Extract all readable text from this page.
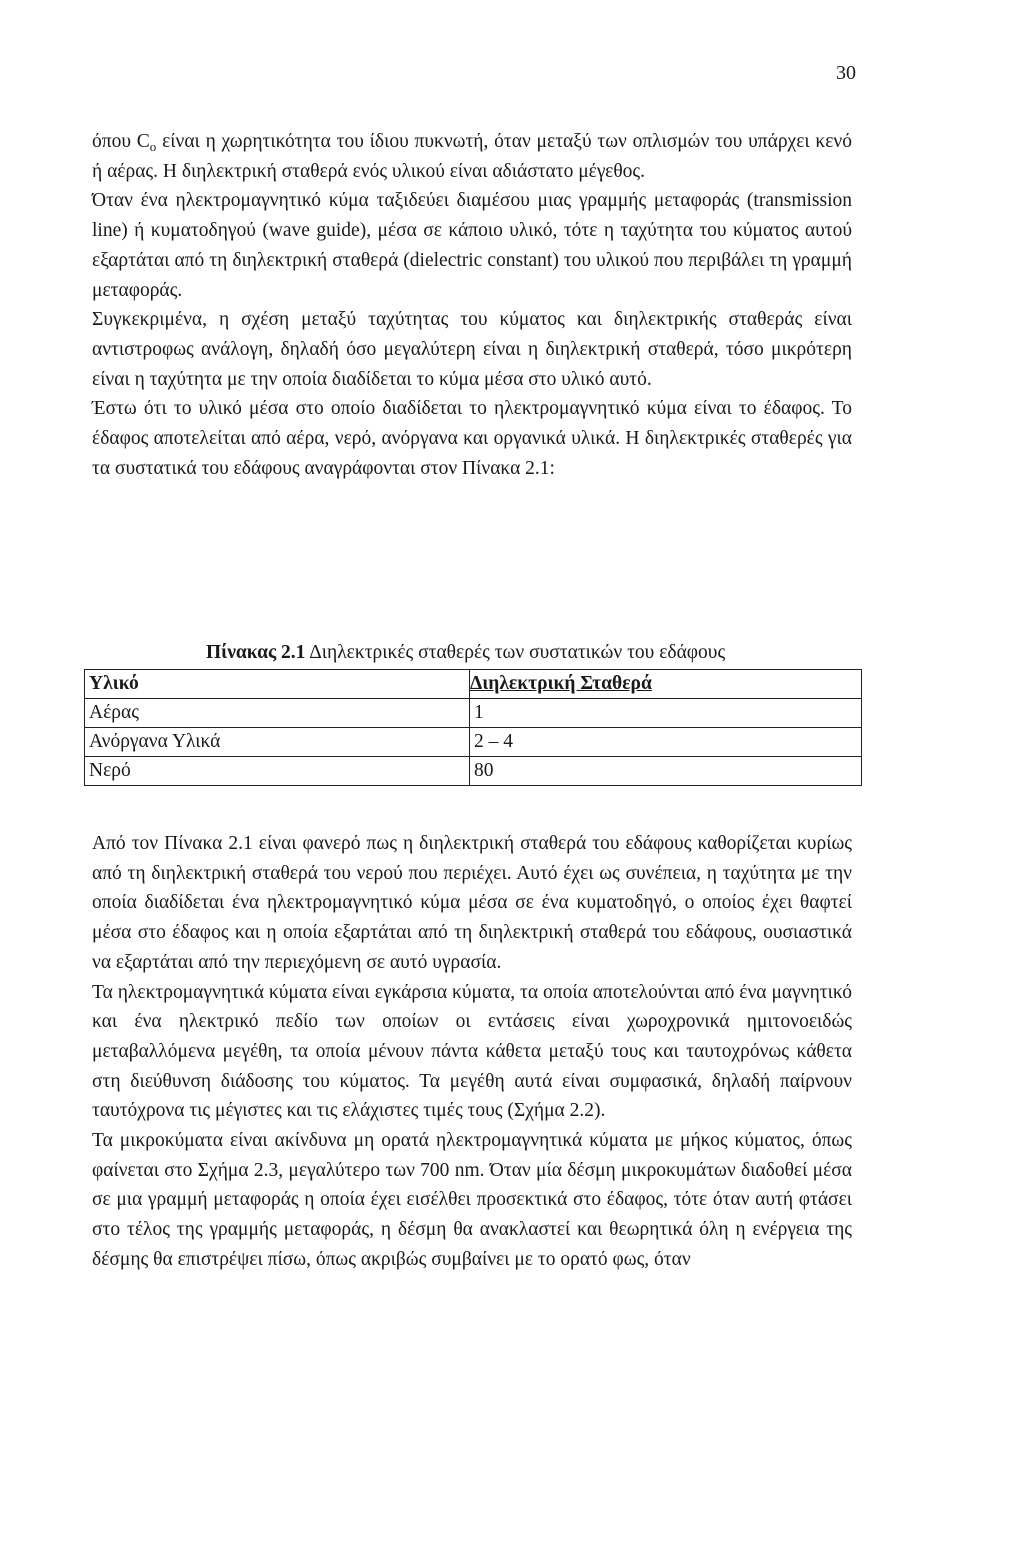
30

όπου $C_o$ είναι η χωρητικότητα του ίδιου πυκνωτή, όταν μεταξύ των οπλισμών του υπάρχει κενό ή αέρας. Η διηλεκτρική σταθερά ενός υλικού είναι αδιάστατο μέγεθος.

Όταν ένα ηλεκτρομαγνητικό κύμα ταξιδεύει διαμέσου μιας γραμμής μεταφοράς (transmission line) ή κυματοδηγού (wave guide), μέσα σε κάποιο υλικό, τότε η ταχύτητα του κύματος αυτού εξαρτάται από τη διηλεκτρική σταθερά (dielectric constant) του υλικού που περιβάλει τη γραμμή μεταφοράς.

Συγκεκριμένα, η σχέση μεταξύ ταχύτητας του κύματος και διηλεκτρικής σταθεράς είναι αντιστροφως ανάλογη, δηλαδή όσο μεγαλύτερη είναι η διηλεκτρική σταθερά, τόσο μικρότερη είναι η ταχύτητα με την οποία διαδίδεται το κύμα μέσα στο υλικό αυτό.

Έστω ότι το υλικό μέσα στο οποίο διαδίδεται το ηλεκτρομαγνητικό κύμα είναι το έδαφος. Το έδαφος αποτελείται από αέρα, νερό, ανόργανα και οργανικά υλικά. Η διηλεκτρικές σταθερές για τα συστατικά του εδάφους αναγράφονται στον Πίνακα 2.1:

Πίνακας 2.1 Διηλεκτρικές σταθερές των συστατικών του εδάφους
Υλικό	Διηλεκτρική Σταθερά
Αέρας	1
Ανόργανα Υλικά	2 – 4
Νερό	80

Από τον Πίνακα 2.1 είναι φανερό πως η διηλεκτρική σταθερά του εδάφους καθορίζεται κυρίως από τη διηλεκτρική σταθερά του νερού που περιέχει. Αυτό έχει ως συνέπεια, η ταχύτητα με την οποία διαδίδεται ένα ηλεκτρομαγνητικό κύμα μέσα σε ένα κυματοδηγό, ο οποίος έχει θαφτεί μέσα στο έδαφος και η οποία εξαρτάται από τη διηλεκτρική σταθερά του εδάφους, ουσιαστικά να εξαρτάται από την περιεχόμενη σε αυτό υγρασία.

Τα ηλεκτρομαγνητικά κύματα είναι εγκάρσια κύματα, τα οποία αποτελούνται από ένα μαγνητικό και ένα ηλεκτρικό πεδίο των οποίων οι εντάσεις είναι χωροχρονικά ημιτονοειδώς μεταβαλλόμενα μεγέθη, τα οποία μένουν πάντα κάθετα μεταξύ τους και ταυτοχρόνως κάθετα στη διεύθυνση διάδοσης του κύματος. Τα μεγέθη αυτά είναι συμφασικά, δηλαδή παίρνουν ταυτόχρονα τις μέγιστες και τις ελάχιστες τιμές τους (Σχήμα 2.2).

Τα μικροκύματα είναι ακίνδυνα μη ορατά ηλεκτρομαγνητικά κύματα με μήκος κύματος, όπως φαίνεται στο Σχήμα 2.3, μεγαλύτερο των 700 nm. Όταν μία δέσμη μικροκυμάτων διαδοθεί μέσα σε μια γραμμή μεταφοράς η οποία έχει εισέλθει προσεκτικά στο έδαφος, τότε όταν αυτή φτάσει στο τέλος της γραμμής μεταφοράς, η δέσμη θα ανακλαστεί και θεωρητικά όλη η ενέργεια της δέσμης θα επιστρέψει πίσω, όπως ακριβώς συμβαίνει με το ορατό φως, όταν
